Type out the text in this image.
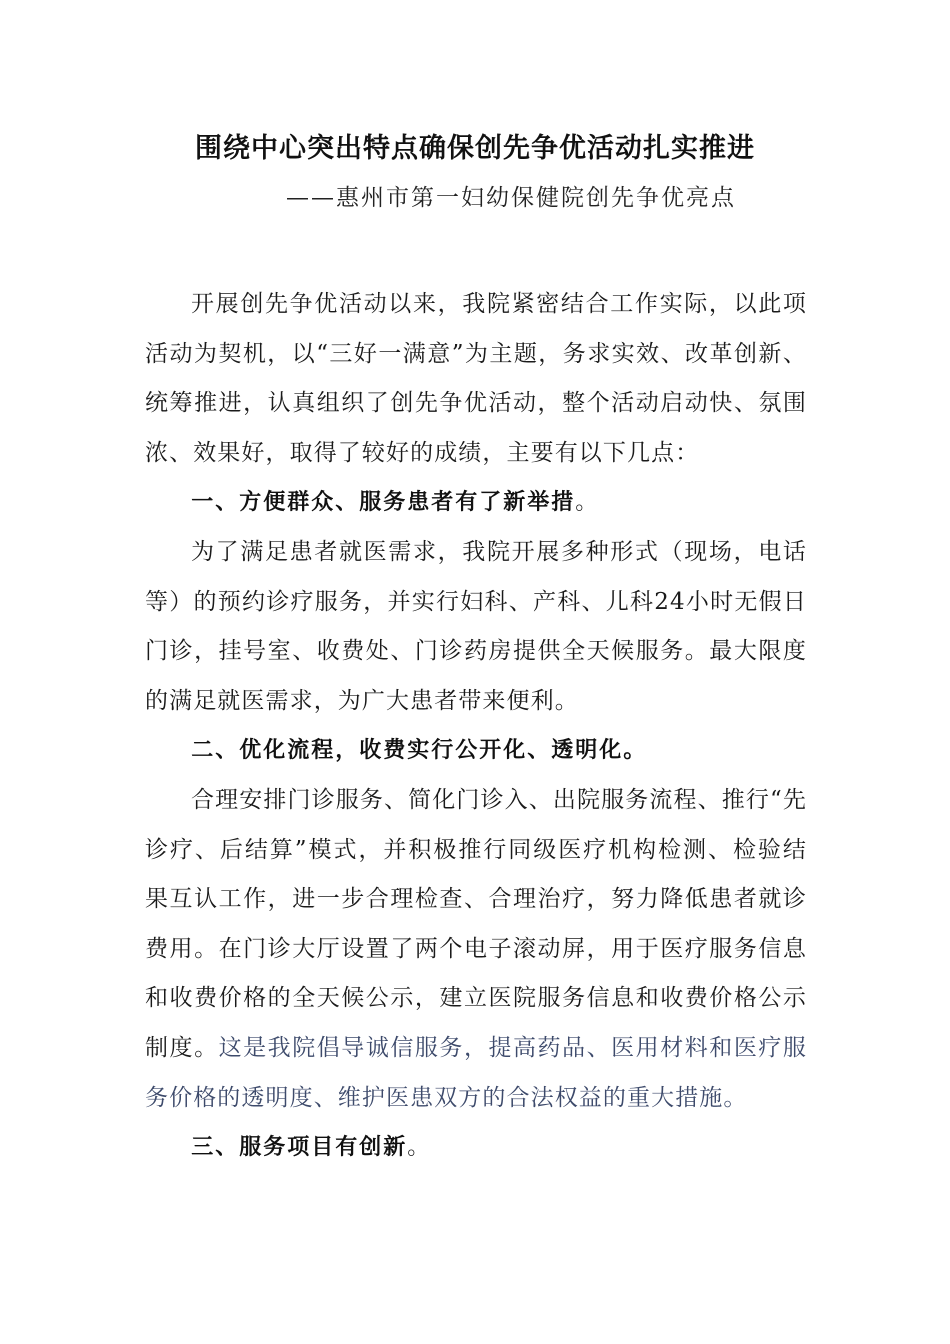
围绕中心突出特点确保创先争优活动扎实推进

——惠州市第一妇幼保健院创先争优亮点

开展创先争优活动以来，我院紧密结合工作实际，以此项活动为契机，以“三好一满意”为主题，务求实效、改革创新、统筹推进，认真组织了创先争优活动，整个活动启动快、氛围浓、效果好，取得了较好的成绩，主要有以下几点：

一、方便群众、服务患者有了新举措。

为了满足患者就医需求，我院开展多种形式（现场，电话等）的预约诊疗服务，并实行妇科、产科、儿科24小时无假日门诊，挂号室、收费处、门诊药房提供全天候服务。最大限度的满足就医需求，为广大患者带来便利。

二、优化流程，收费实行公开化、透明化。

合理安排门诊服务、简化门诊入、出院服务流程、推行“先诊疗、后结算”模式，并积极推行同级医疗机构检测、检验结果互认工作，进一步合理检查、合理治疗，努力降低患者就诊费用。在门诊大厅设置了两个电子滚动屏，用于医疗服务信息和收费价格的全天候公示，建立医院服务信息和收费价格公示制度。这是我院倡导诚信服务，提高药品、医用材料和医疗服务价格的透明度、维护医患双方的合法权益的重大措施。

三、服务项目有创新。
